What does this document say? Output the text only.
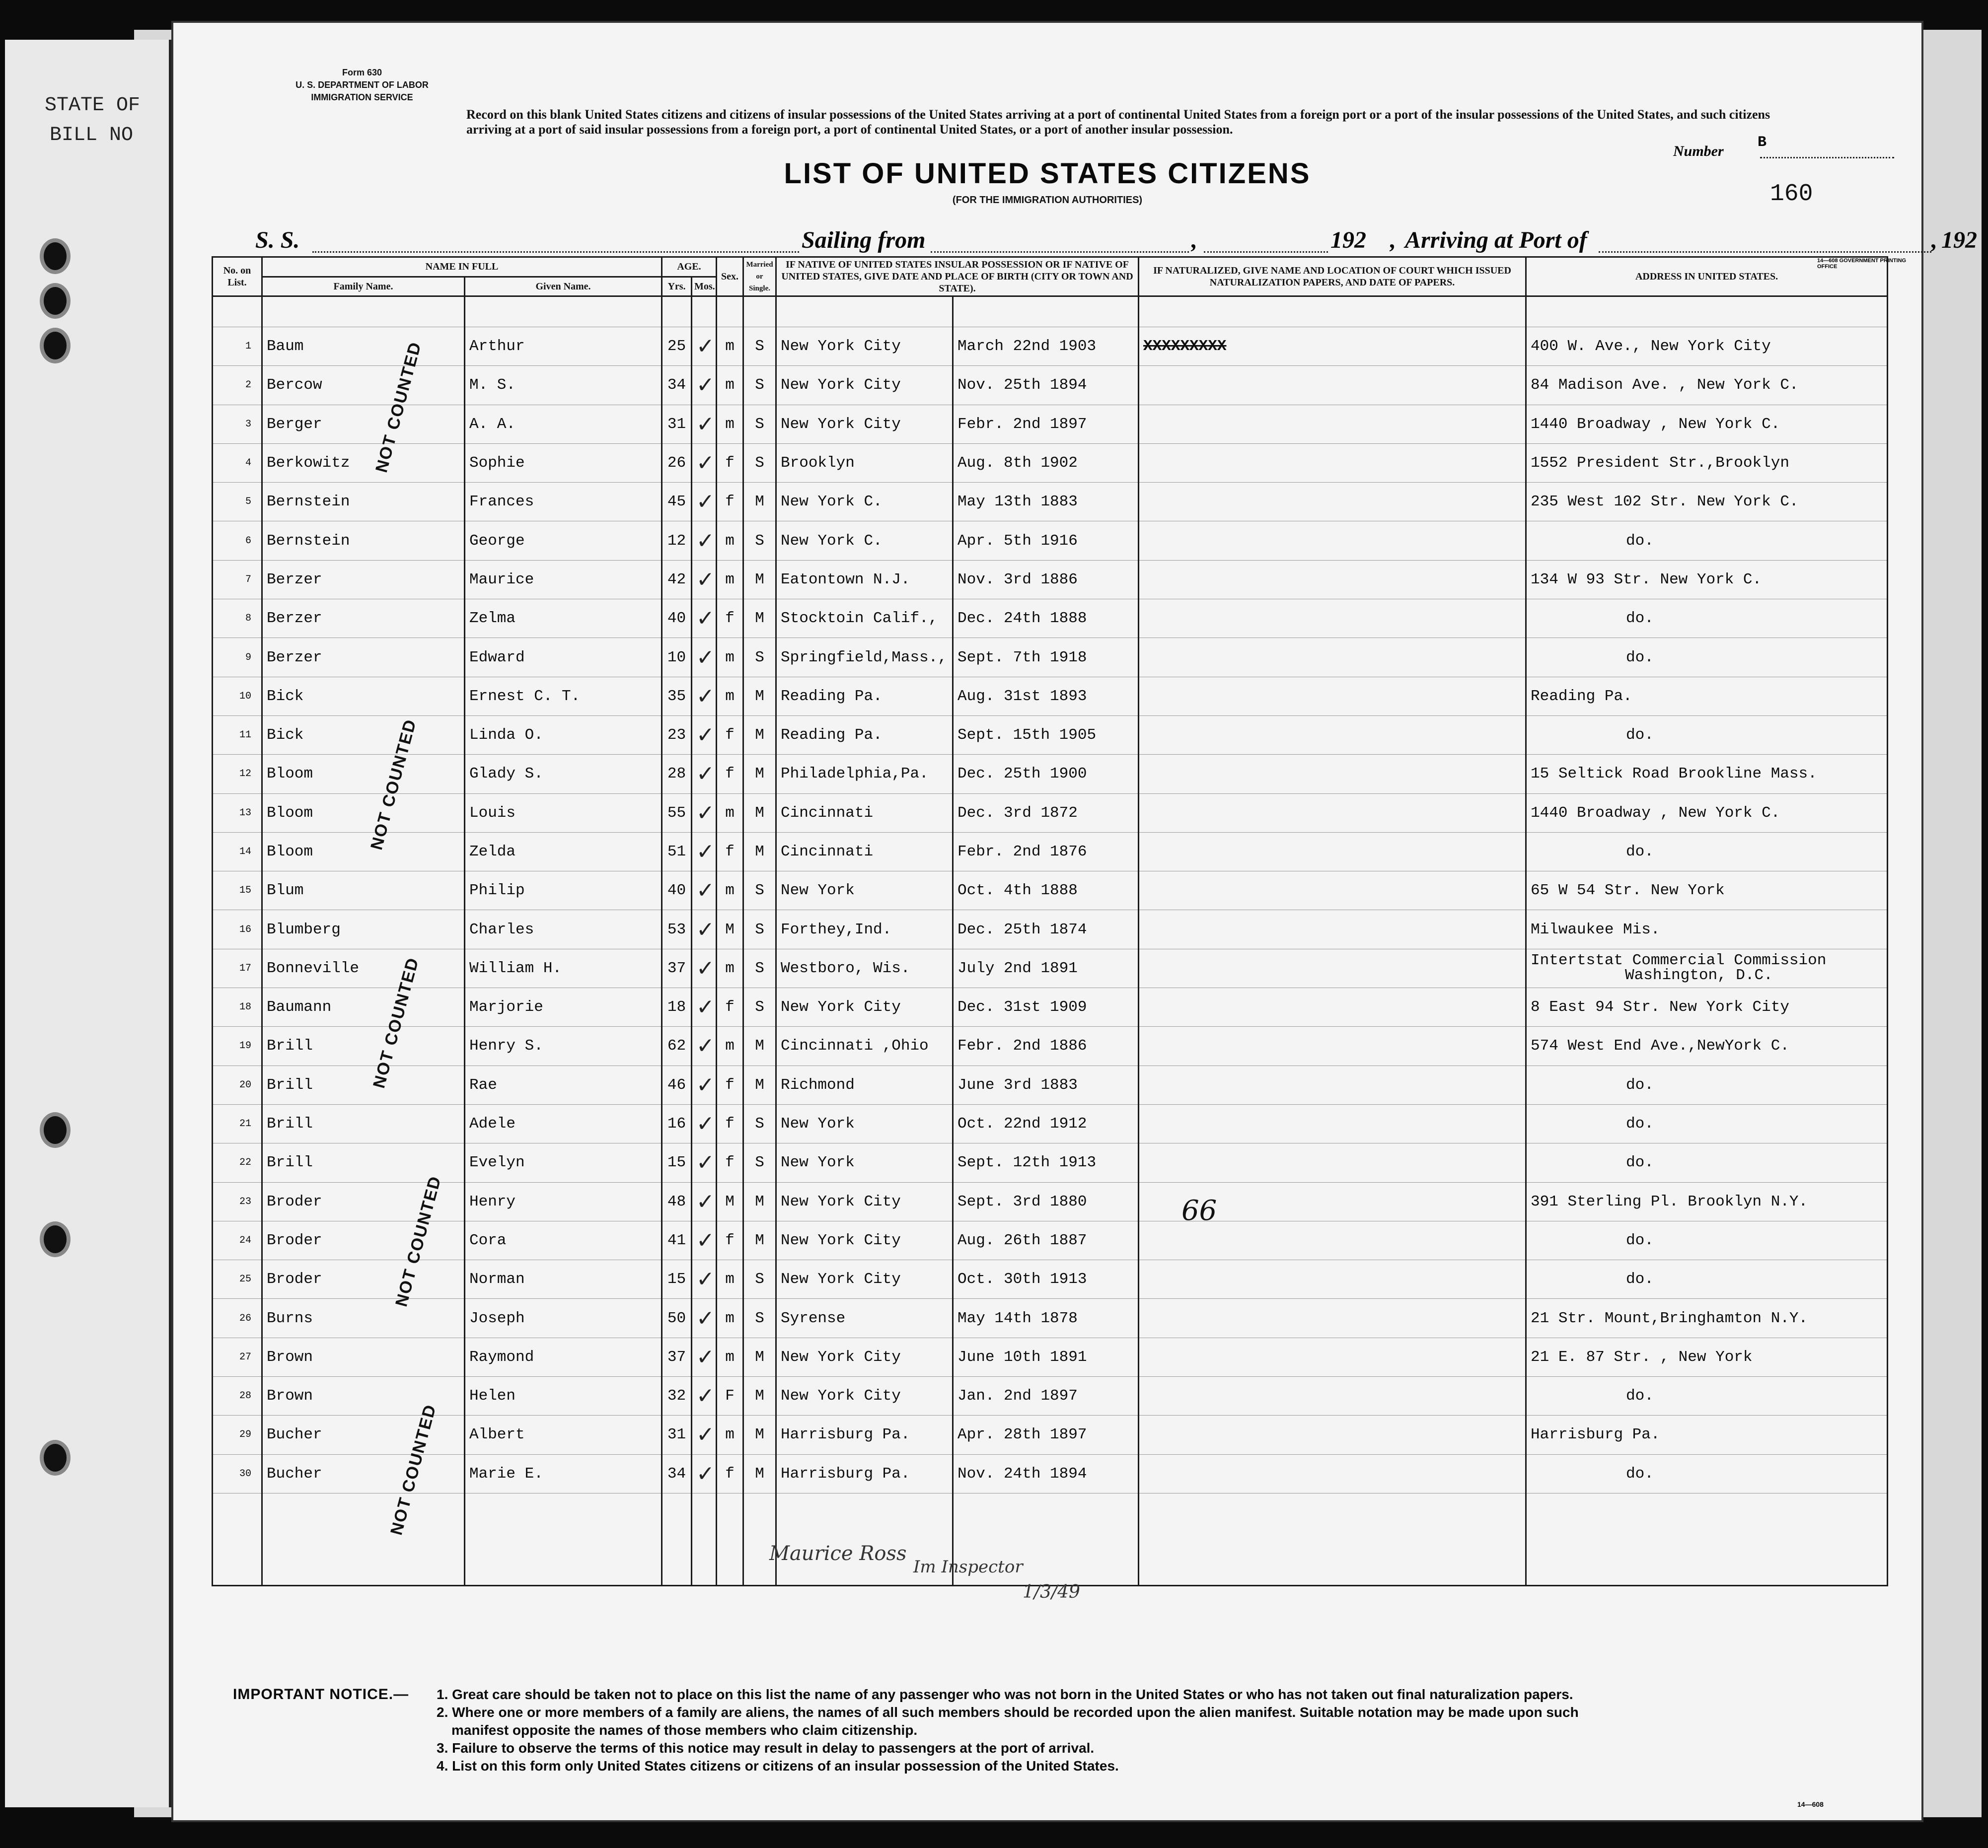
STATE OF
BILL NO
Form 630
U. S. DEPARTMENT OF LABOR
IMMIGRATION SERVICE
Record on this blank United States citizens and citizens of insular possessions of the United States arriving at a port of continental United States from a foreign port or a port of the insular possessions of the United States, and such citizens arriving at a port of said insular possessions from a foreign port, a port of continental United States, or a port of another insular possession.
Number
B
160
LIST OF UNITED STATES CITIZENS
(FOR THE IMMIGRATION AUTHORITIES)
S. S.	Sailing from	,	192 , Arriving at Port of	, 192
14—608 GOVERNMENT PRINTING OFFICE
No. on List.	NAME IN FULL		AGE.		Sex.	Married or Single.	IF NATIVE OF UNITED STATES INSULAR POSSESSION OR IF NATIVE OF UNITED STATES, GIVE DATE AND PLACE OF BIRTH (CITY OR TOWN AND STATE).		IF NATURALIZED, GIVE NAME AND LOCATION OF COURT WHICH ISSUED NATURALIZATION PAPERS, AND DATE OF PAPERS.	ADDRESS IN UNITED STATES.
	Family Name.	Given Name.	Yrs.	Mos.						

1	Baum	Arthur	25	✓	m	S	New York City	March 22nd 1903	XXXXXXXXX	400 W. Ave., New York City
2	Bercow	M. S.	34	✓	m	S	New York City	Nov. 25th 1894		84 Madison Ave. , New York C.
3	Berger	A. A.	31	✓	m	S	New York City	Febr. 2nd 1897		1440 Broadway , New York C.
4	Berkowitz	Sophie	26	✓	f	S	Brooklyn	Aug. 8th 1902		1552 President Str.,Brooklyn
5	Bernstein	Frances	45	✓	f	M	New York C.	May 13th 1883		235 West 102 Str. New York C.
6	Bernstein	George	12	✓	m	S	New York C.	Apr. 5th 1916		do.
7	Berzer	Maurice	42	✓	m	M	Eatontown N.J.	Nov. 3rd 1886		134 W 93 Str. New York C.
8	Berzer	Zelma	40	✓	f	M	Stocktoin Calif.,	Dec. 24th 1888		do.
9	Berzer	Edward	10	✓	m	S	Springfield,Mass.,	Sept. 7th 1918		do.
10	Bick	Ernest C. T.	35	✓	m	M	Reading Pa.	Aug. 31st 1893		Reading Pa.
11	Bick	Linda O.	23	✓	f	M	Reading Pa.	Sept. 15th 1905		do.
12	Bloom	Glady S.	28	✓	f	M	Philadelphia,Pa.	Dec. 25th 1900		15 Seltick Road Brookline Mass.
13	Bloom	Louis	55	✓	m	M	Cincinnati	Dec. 3rd 1872		1440 Broadway , New York C.
14	Bloom	Zelda	51	✓	f	M	Cincinnati	Febr. 2nd 1876		do.
15	Blum	Philip	40	✓	m	S	New York	Oct. 4th 1888		65 W 54 Str. New York
16	Blumberg	Charles	53	✓	M	S	Forthey,Ind.	Dec. 25th 1874		Milwaukee Mis.
17	Bonneville	William H.	37	✓	m	S	Westboro, Wis.	July 2nd 1891		Intertstat Commercial Commission
Washington, D.C.

18	Baumann	Marjorie	18	✓	f	S	New York City	Dec. 31st 1909		8 East 94 Str. New York City
19	Brill	Henry S.	62	✓	m	M	Cincinnati ,Ohio	Febr. 2nd 1886		574 West End Ave.,NewYork C.
20	Brill	Rae	46	✓	f	M	Richmond	June 3rd 1883		do.
21	Brill	Adele	16	✓	f	S	New York	Oct. 22nd 1912		do.
22	Brill	Evelyn	15	✓	f	S	New York	Sept. 12th 1913		do.
23	Broder	Henry	48	✓	M	M	New York City	Sept. 3rd 1880		391 Sterling Pl. Brooklyn N.Y.
24	Broder	Cora	41	✓	f	M	New York City	Aug. 26th 1887		do.
25	Broder	Norman	15	✓	m	S	New York City	Oct. 30th 1913		do.
26	Burns	Joseph	50	✓	m	S	Syrense	May 14th 1878		21 Str. Mount,Bringhamton N.Y.
27	Brown	Raymond	37	✓	m	M	New York City	June 10th 1891		21 E. 87 Str. , New York
28	Brown	Helen	32	✓	F	M	New York City	Jan. 2nd 1897		do.
29	Bucher	Albert	31	✓	m	M	Harrisburg Pa.	Apr. 28th 1897		Harrisburg Pa.
30	Bucher	Marie E.	34	✓	f	M	Harrisburg Pa.	Nov. 24th 1894		do.

NOT COUNTED
NOT COUNTED
NOT COUNTED
NOT COUNTED
NOT COUNTED
66
Maurice Ross
Im Inspector
1/3/49
IMPORTANT NOTICE.— 1. Great care should be taken not to place on this list the name of any passenger who was not born in the United States or who has not taken out final naturalization papers.
2. Where one or more members of a family are aliens, the names of all such members should be recorded upon the alien manifest. Suitable notation may be made upon such
manifest opposite the names of those members who claim citizenship.
3. Failure to observe the terms of this notice may result in delay to passengers at the port of arrival.
4. List on this form only United States citizens or citizens of an insular possession of the United States.
14—608
